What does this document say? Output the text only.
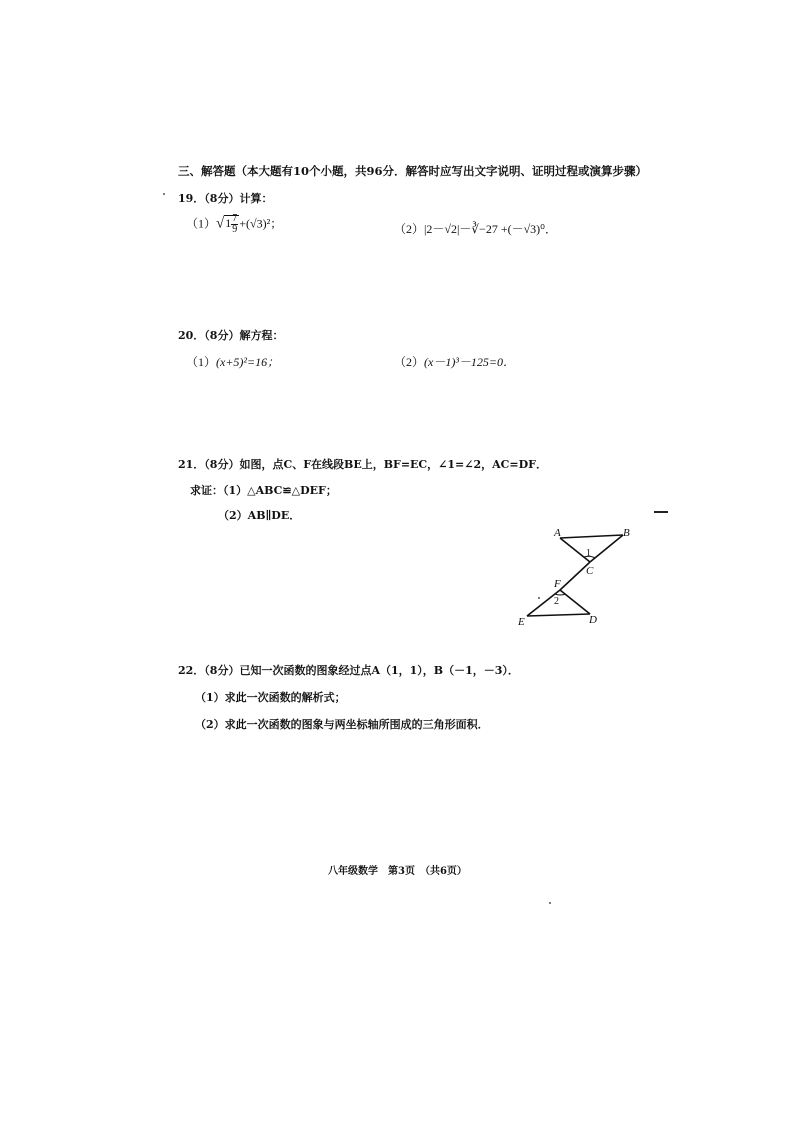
三、解答题（本大题有10个小题，共96分．解答时应写出文字说明、证明过程或演算步骤）
19．（8分）计算：
$(1)√1 \frac{7}{9} +(√3)^2$；	（2）|2－√2|－∛−27 +(－√3)⁰．
20．（8分）解方程：
（1）(x+5)²=16；	（2）(x－1)³－125=0．
21．（8分）如图，点C、F在线段BE上，BF=EC，∠1=∠2，AC=DF．
求证：（1）△ABC≌△DEF；
（2）AB∥DE．
A	B
C
F
E	D
1
2
22．（8分）已知一次函数的图象经过点A（1，1），B（－1，－3）．
（1）求此一次函数的解析式；
（2）求此一次函数的图象与两坐标轴所围成的三角形面积．
八年级数学　第3页　（共6页）
